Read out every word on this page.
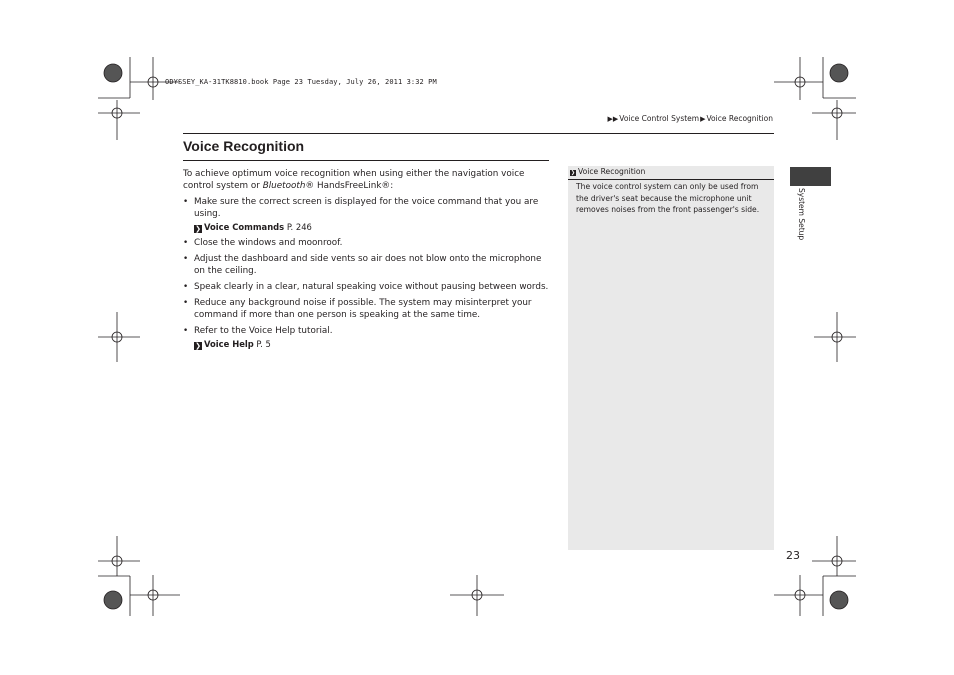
ODYSSEY_KA-31TK8810.book Page 23 Tuesday, July 26, 2011 3:32 PM
▶▶ Voice Control System ▶ Voice Recognition
Voice Recognition

To achieve optimum voice recognition when using either the navigation voice control system or Bluetooth® HandsFreeLink®:

• Make sure the correct screen is displayed for the voice command that you are using.
❯ Voice Commands P. 246
• Close the windows and moonroof.
• Adjust the dashboard and side vents so air does not blow onto the microphone on the ceiling.
• Speak clearly in a clear, natural speaking voice without pausing between words.
• Reduce any background noise if possible. The system may misinterpret your command if more than one person is speaking at the same time.
• Refer to the Voice Help tutorial.
❯ Voice Help P. 5
❯ Voice Recognition
The voice control system can only be used from the driver's seat because the microphone unit removes noises from the front passenger's side.	System Setup
23
